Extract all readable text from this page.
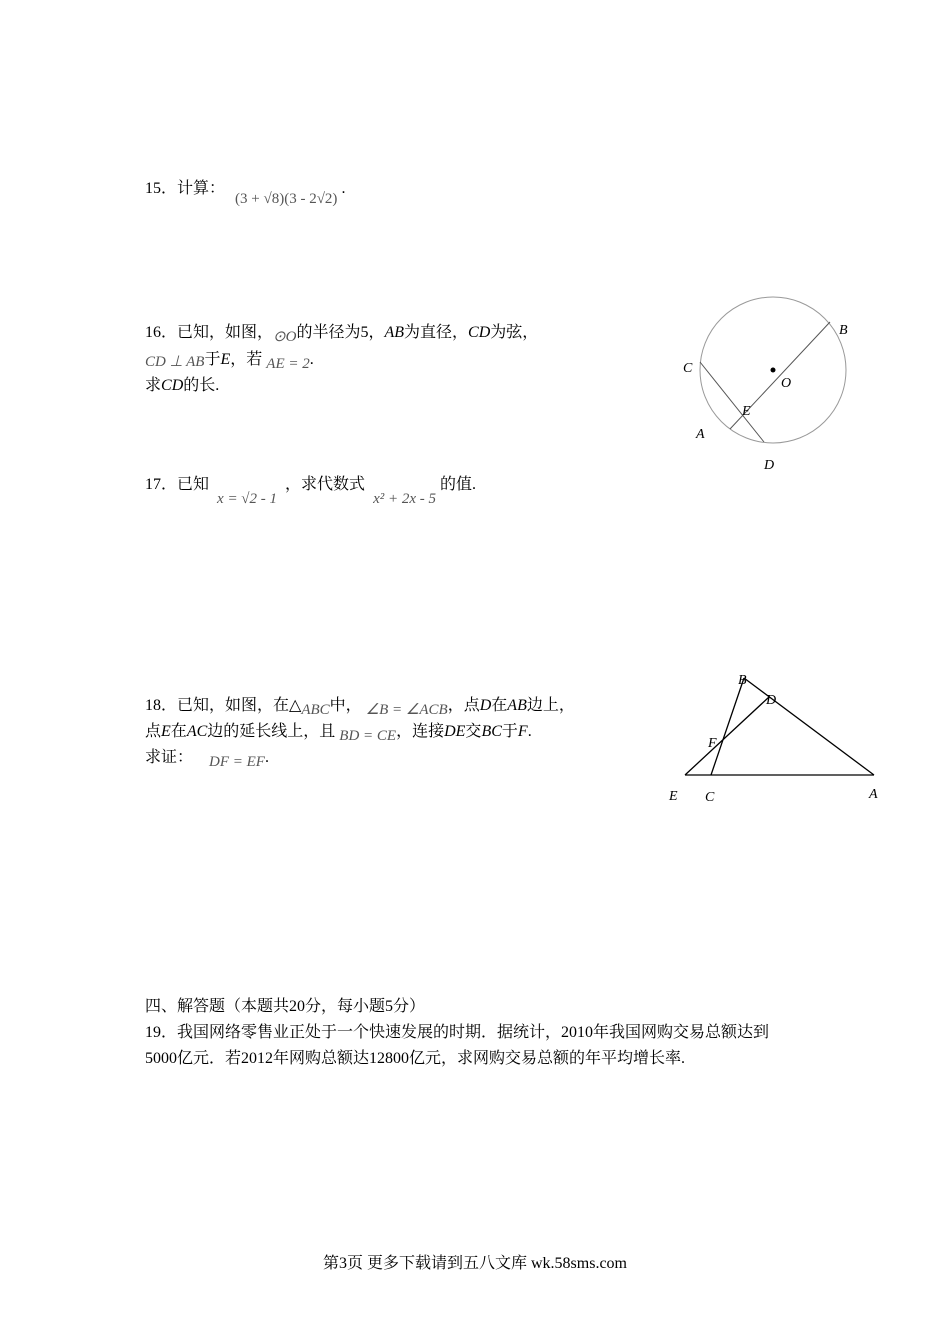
15．计算： (3 + √8)(3 - 2√2).
16．已知，如图，⊙O的半径为5，AB为直径，CD为弦，
CD ⊥ AB于E，若 AE = 2.
求CD的长.
B
C
O
E
A
D
17．已知 x = √2 - 1 ，求代数式 x² + 2x - 5 的值.
18．已知，如图，在△ABC中， ∠B = ∠ACB，点D在AB边上，
点E在AC边的延长线上，且 BD = CE，连接DE交BC于F.
求证： DF = EF.
B
D
F
E C	A
四、解答题（本题共20分，每小题5分）
19．我国网络零售业正处于一个快速发展的时期．据统计，2010年我国网购交易总额达到
5000亿元．若2012年网购总额达12800亿元，求网购交易总额的年平均增长率.
第3页 更多下载请到五八文库 wk.58sms.com
